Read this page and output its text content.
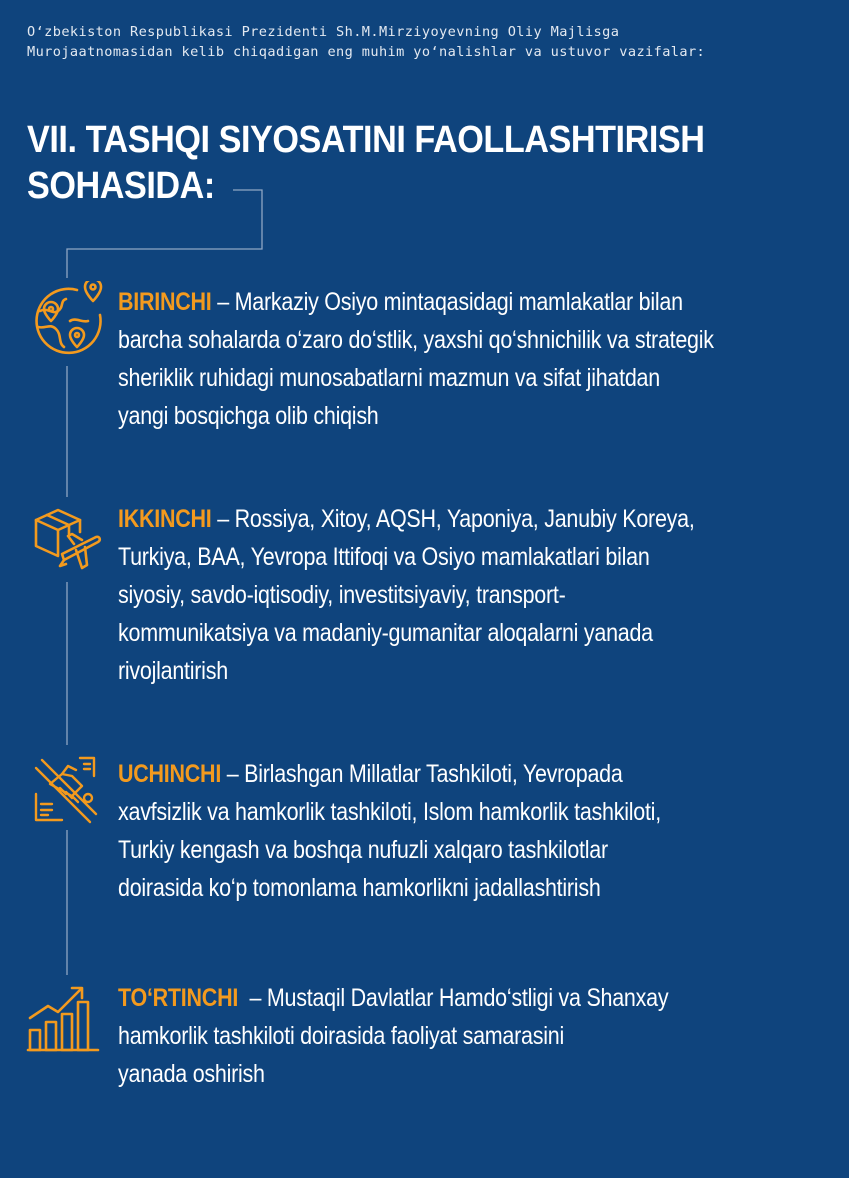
O‘zbekiston Respublikasi Prezidenti Sh.M.Mirziyoyevning Oliy Majlisga
Murojaatnomasidan kelib chiqadigan eng muhim yo‘nalishlar va ustuvor vazifalar:
VII. TASHQI SIYOSATINI FAOLLASHTIRISH
SOHASIDA:
BIRINCHI – Markaziy Osiyo mintaqasidagi mamlakatlar bilan
barcha sohalarda o‘zaro do‘stlik, yaxshi qo‘shnichilik va strategik
sheriklik ruhidagi munosabatlarni mazmun va sifat jihatdan
yangi bosqichga olib chiqish
IKKINCHI – Rossiya, Xitoy, AQSH, Yaponiya, Janubiy Koreya,
Turkiya, BAA, Yevropa Ittifoqi va Osiyo mamlakatlari bilan
siyosiy, savdo-iqtisodiy, investitsiyaviy, transport-
kommunikatsiya va madaniy-gumanitar aloqalarni yanada
rivojlantirish
UCHINCHI – Birlashgan Millatlar Tashkiloti, Yevropada
xavfsizlik va hamkorlik tashkiloti, Islom hamkorlik tashkiloti,
Turkiy kengash va boshqa nufuzli xalqaro tashkilotlar
doirasida ko‘p tomonlama hamkorlikni jadallashtirish
TO‘RTINCHI  – Mustaqil Davlatlar Hamdo‘stligi va Shanxay
hamkorlik tashkiloti doirasida faoliyat samarasini
yanada oshirish
